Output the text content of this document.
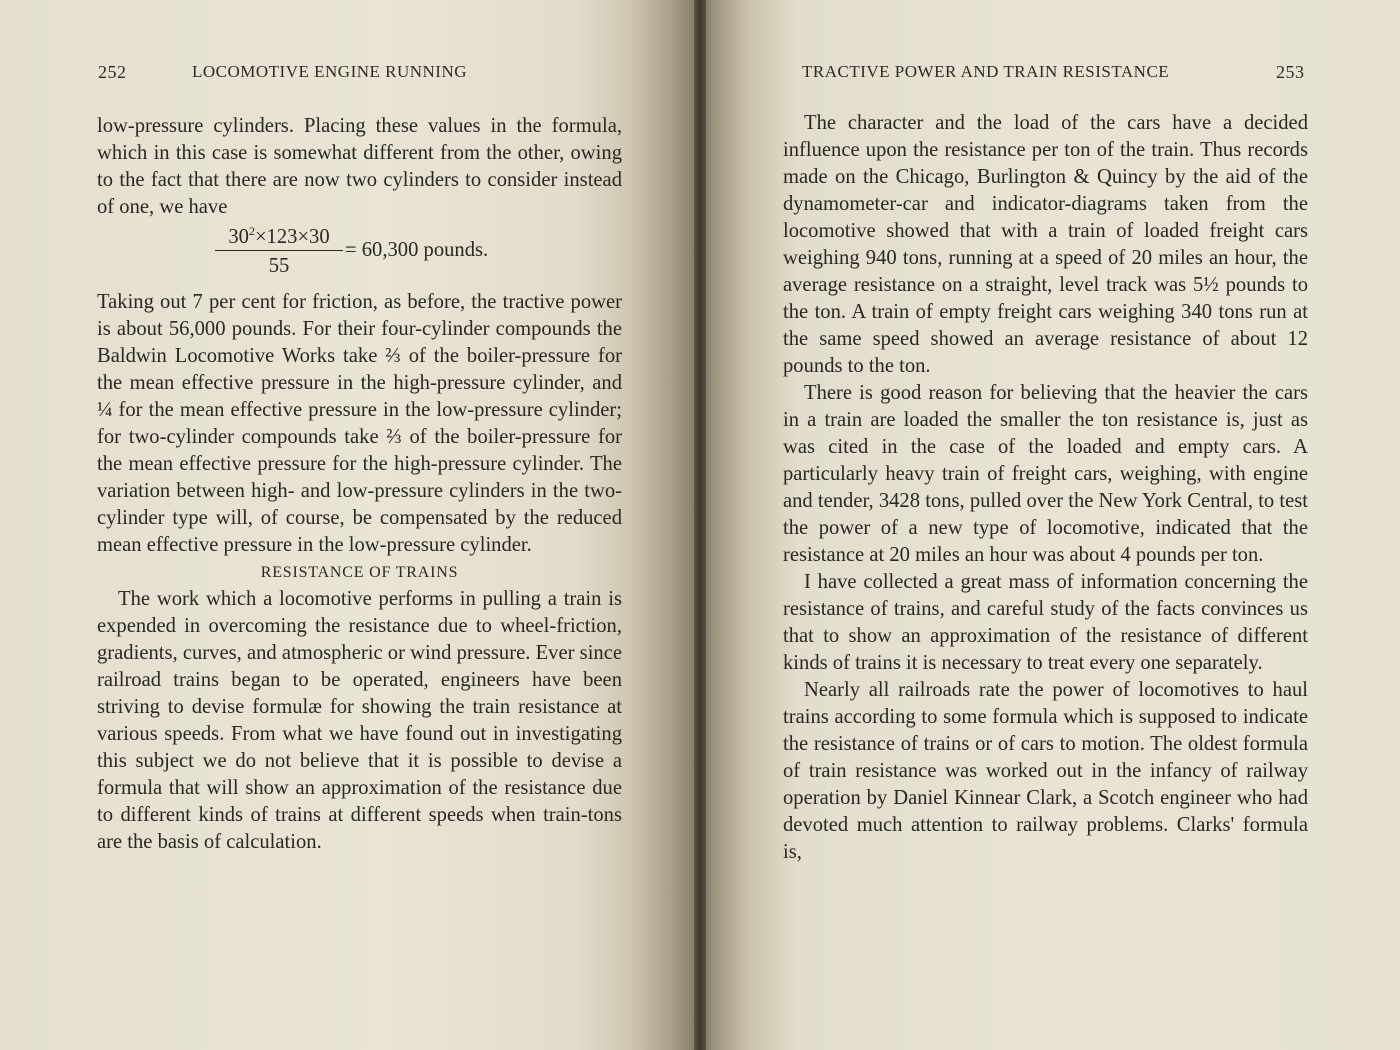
252	LOCOMOTIVE ENGINE RUNNING

low-pressure cylinders. Placing these values in the formula, which in this case is somewhat different from the other, owing to the fact that there are now two cylinders to consider instead of one, we have

$\frac{30^2\times 123\times 30}{55} = 60,300$ pounds.

Taking out 7 per cent for friction, as before, the tractive power is about 56,000 pounds. For their four-cylinder compounds the Baldwin Locomotive Works take ⅔ of the boiler-pressure for the mean effective pressure in the high-pressure cylinder, and ¼ for the mean effective pressure in the low-pressure cylinder; for two-cylinder compounds take ⅔ of the boiler-pressure for the mean effective pressure for the high-pressure cylinder. The variation between high- and low-pressure cylinders in the two-cylinder type will, of course, be compensated by the reduced mean effective pressure in the low-pressure cylinder.

RESISTANCE OF TRAINS

The work which a locomotive performs in pulling a train is expended in overcoming the resistance due to wheel-friction, gradients, curves, and atmospheric or wind pressure. Ever since railroad trains began to be operated, engineers have been striving to devise formulæ for showing the train resistance at various speeds. From what we have found out in investigating this subject we do not believe that it is possible to devise a formula that will show an approximation of the resistance due to different kinds of trains at different speeds when train-tons are the basis of calculation.

TRACTIVE POWER AND TRAIN RESISTANCE	253

The character and the load of the cars have a decided influence upon the resistance per ton of the train. Thus records made on the Chicago, Burlington & Quincy by the aid of the dynamometer-car and indicator-diagrams taken from the locomotive showed that with a train of loaded freight cars weighing 940 tons, running at a speed of 20 miles an hour, the average resistance on a straight, level track was 5½ pounds to the ton. A train of empty freight cars weighing 340 tons run at the same speed showed an average resistance of about 12 pounds to the ton.

There is good reason for believing that the heavier the cars in a train are loaded the smaller the ton resistance is, just as was cited in the case of the loaded and empty cars. A particularly heavy train of freight cars, weighing, with engine and tender, 3428 tons, pulled over the New York Central, to test the power of a new type of locomotive, indicated that the resistance at 20 miles an hour was about 4 pounds per ton.

I have collected a great mass of information concerning the resistance of trains, and careful study of the facts convinces us that to show an approximation of the resistance of different kinds of trains it is necessary to treat every one separately.

Nearly all railroads rate the power of locomotives to haul trains according to some formula which is supposed to indicate the resistance of trains or of cars to motion. The oldest formula of train resistance was worked out in the infancy of railway operation by Daniel Kinnear Clark, a Scotch engineer who had devoted much attention to railway problems. Clarks' formula is,
